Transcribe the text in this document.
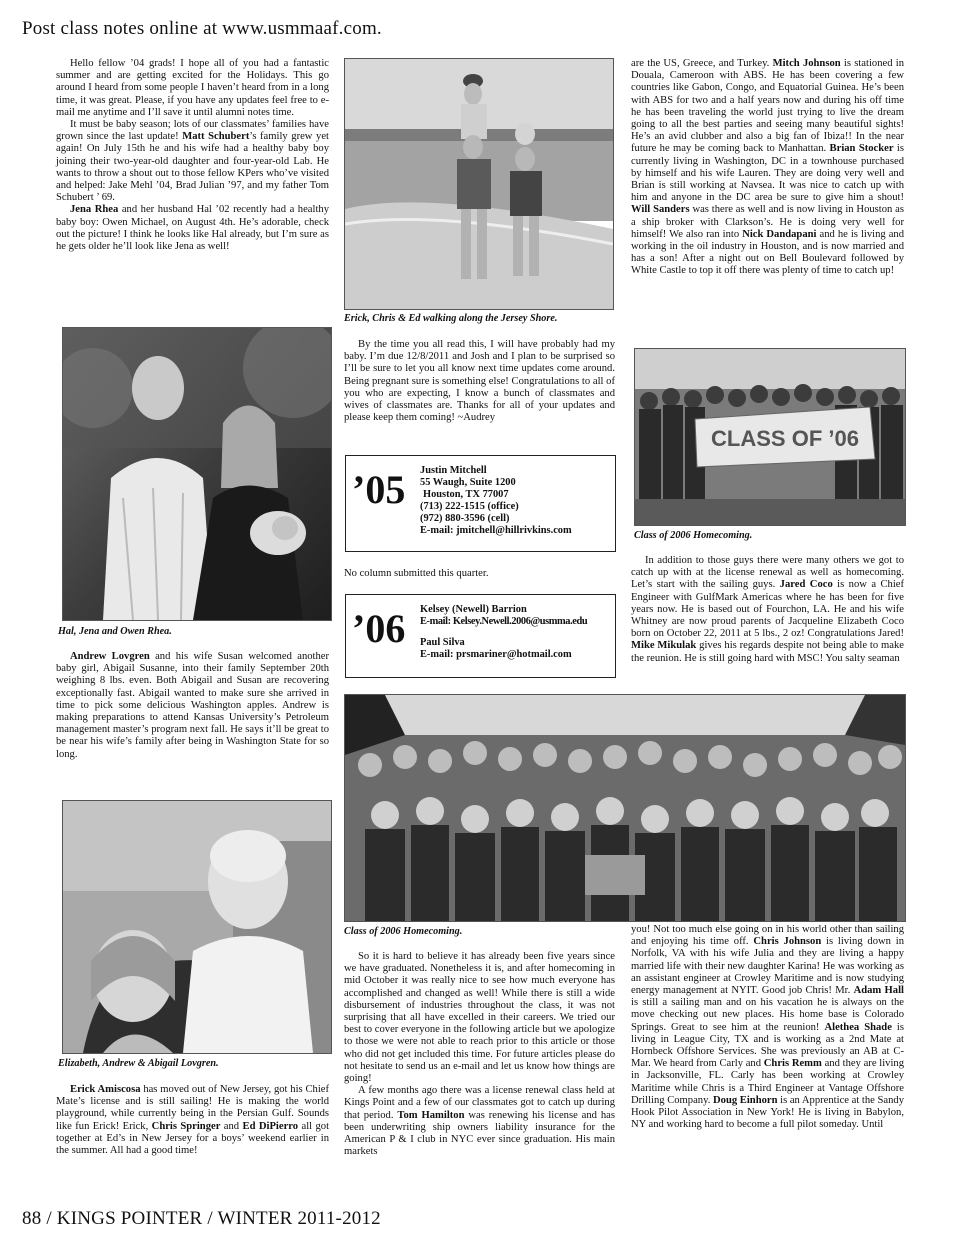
Post class notes online at www.usmmaaf.com.

Hello fellow ’04 grads! I hope all of you had a fantastic summer and are getting excited for the Holidays. This go around I heard from some people I haven’t heard from in a long time, it was great. Please, if you have any updates feel free to e-mail me anytime and I’ll save it until alumni notes time.

It must be baby season; lots of our classmates’ families have grown since the last update! Matt Schubert’s family grew yet again! On July 15th he and his wife had a healthy baby boy joining their two-year-old daughter and four-year-old Lab. He wants to throw a shout out to those fellow KPers who’ve visited and helped: Jake Mehl ’04, Brad Julian ’97, and my father Tom Schubert ’ 69.

Jena Rhea and her husband Hal ’02 recently had a healthy baby boy: Owen Michael, on August 4th. He’s adorable, check out the picture! I think he looks like Hal already, but I’m sure as he gets older he’ll look like Jena as well!

Hal, Jena and Owen Rhea.

Andrew Lovgren and his wife Susan welcomed another baby girl, Abigail Susanne, into their family September 20th weighing 8 lbs. even. Both Abigail and Susan are recovering exceptionally fast. Abigail wanted to make sure she arrived in time to pick some delicious Washington apples. Andrew is making preparations to attend Kansas University’s Petroleum management master’s program next fall. He says it’ll be great to be near his wife’s family after being in Washington State for so long.

Elizabeth, Andrew & Abigail Lovgren.

Erick Amiscosa has moved out of New Jersey, got his Chief Mate’s license and is still sailing! He is making the world playground, while currently being in the Persian Gulf. Sounds like fun Erick! Erick, Chris Springer and Ed DiPierro all got together at Ed’s in New Jersey for a boys’ weekend earlier in the summer. All had a good time!

Erick, Chris & Ed walking along the Jersey Shore.

By the time you all read this, I will have probably had my baby. I’m due 12/8/2011 and Josh and I plan to be surprised so I’ll be sure to let you all know next time updates come around. Being pregnant sure is something else! Congratulations to all of you who are expecting, I know a bunch of classmates and wives of classmates are. Thanks for all of your updates and please keep them coming! ~Audrey

’05 Justin Mitchell
55 Waugh, Suite 1200
Houston, TX 77007
(713) 222-1515 (office)
(972) 880-3596 (cell)
E-mail: jmitchell@hillrivkins.com
No column submitted this quarter.
’06 Kelsey (Newell) Barrion
E-mail: Kelsey.Newell.2006@usmma.edu
Paul Silva
E-mail: prsmariner@hotmail.com

are the US, Greece, and Turkey. Mitch Johnson is stationed in Douala, Cameroon with ABS. He has been covering a few countries like Gabon, Congo, and Equatorial Guinea. He’s been with ABS for two and a half years now and during his off time he has been traveling the world just trying to live the dream going to all the best parties and seeing many beautiful sights! He’s an avid clubber and also a big fan of Ibiza!! In the near future he may be coming back to Manhattan. Brian Stocker is currently living in Washington, DC in a townhouse purchased by himself and his wife Lauren. They are doing very well and Brian is still working at Navsea. It was nice to catch up with him and anyone in the DC area be sure to give him a shout! Will Sanders was there as well and is now living in Houston as a ship broker with Clarkson’s. He is doing very well for himself! We also ran into Nick Dandapani and he is living and working in the oil industry in Houston, and is now married and has a son! After a night out on Bell Boulevard followed by White Castle to top it off there was plenty of time to catch up!

CLASS OF ’06
Class of 2006 Homecoming.

In addition to those guys there were many others we got to catch up with at the license renewal as well as homecoming. Let’s start with the sailing guys. Jared Coco is now a Chief Engineer with GulfMark Americas where he has been for five years now. He is based out of Fourchon, LA. He and his wife Whitney are now proud parents of Jacqueline Elizabeth Coco born on October 22, 2011 at 5 lbs., 2 oz! Congratulations Jared! Mike Mikulak gives his regards despite not being able to make the reunion. He is still going hard with MSC! You salty seaman

Class of 2006 Homecoming.

So it is hard to believe it has already been five years since we have graduated. Nonetheless it is, and after homecoming in mid October it was really nice to see how much everyone has accomplished and changed as well! While there is still a wide disbursement of industries throughout the class, it was not surprising that all have excelled in their careers. We tried our best to cover everyone in the following article but we apologize to those we were not able to reach prior to this article or those who did not get included this time. For future articles please do not hesitate to send us an e-mail and let us know how things are going!

A few months ago there was a license renewal class held at Kings Point and a few of our classmates got to catch up during that period. Tom Hamilton was renewing his license and has been underwriting ship owners liability insurance for the American P & I club in NYC ever since graduation. His main markets

you! Not too much else going on in his world other than sailing and enjoying his time off. Chris Johnson is living down in Norfolk, VA with his wife Julia and they are living a happy married life with their new daughter Karina! He was working as an assistant engineer at Crowley Maritime and is now studying energy management at NYIT. Good job Chris! Mr. Adam Hall is still a sailing man and on his vacation he is always on the move checking out new places. His home base is Colorado Springs. Great to see him at the reunion! Alethea Shade is living in League City, TX and is working as a 2nd Mate at Hornbeck Offshore Services. She was previously an AB at C-Mar. We heard from Carly and Chris Remm and they are living in Jacksonville, FL. Carly has been working at Crowley Maritime while Chris is a Third Engineer at Vantage Offshore Drilling Company. Doug Einhorn is an Apprentice at the Sandy Hook Pilot Association in New York! He is living in Babylon, NY and working hard to become a full pilot someday. Until

88 / KINGS POINTER / WINTER 2011-2012
